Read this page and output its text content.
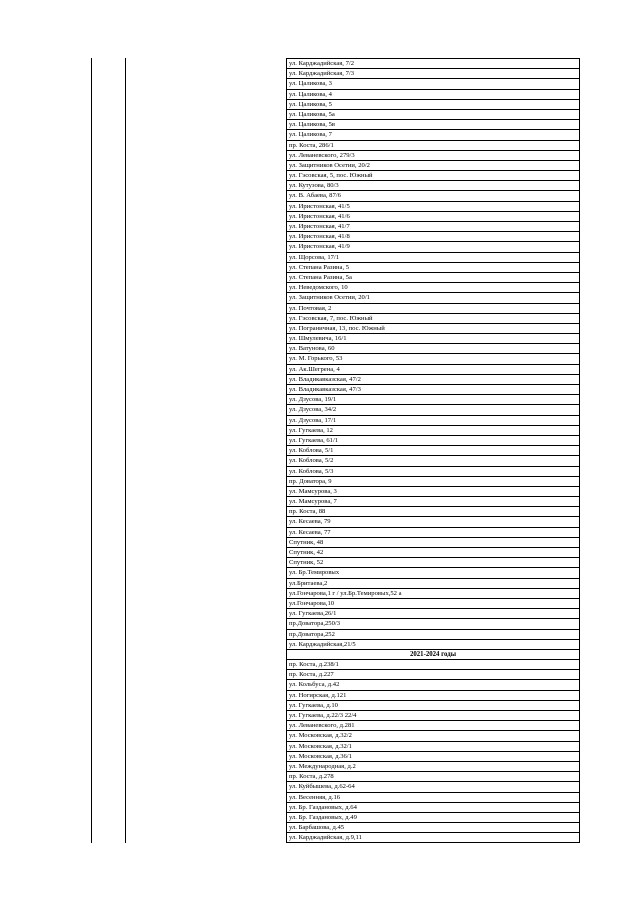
ул. Карджадийская, 7/2
ул. Карджадийская, 7/3
ул. Цаликова, 3
ул. Цаликова, 4
ул. Цаликова, 5
ул. Цаликова, 5а
ул. Цаликова, 5в
ул. Цаликова, 7
пр. Коста, 286/1
ул. Леваневского, 279/3
ул. Защитников Осетии, 20/2
ул. Гэсовская, 5, пос. Южный
ул. Кутузова, 80/3
ул. В. Абаева, 87/6
ул. Иристонская, 41/5
ул. Иристонская, 41/6
ул. Иристонская, 41/7
ул. Иристонская, 41/8
ул. Иристонская, 41/9
ул. Щорсова, 17/1
ул. Степана Разина, 5
ул. Степана Разина, 5а
ул. Неведомского, 10
ул. Защитников Осетии, 20/1
ул. Почтовая, 2
ул. Гэсовская, 7, пос. Южный
ул. Пограничная, 13, пос. Южный
ул. Шмулевича, 16/1
ул. Ватунова, 60
ул. М. Горького, 53
ул. Ак.Шегрена, 4
ул. Владикавказская, 47/2
ул. Владикавказская, 47/3
ул. Дзусова, 19/1
ул. Дзусова, 34/2
ул. Дзусова, 17/1
ул. Гугкаева, 12
ул. Гугкаева, 61/1
ул. Коблова, 5/1
ул. Коблова, 5/2
ул. Коблова, 5/3
пр. Доватора, 9
ул. Мамсурова, 3
ул. Мамсурова, 7
пр. Коста, 88
ул. Кесаева, 79
ул. Кесаева, 77
Спутник, 48
Спутник, 42
Спутник, 52
ул. Бр.Темировых
ул.Бритаева,2
ул.Гончарова,1 г / ул.Бр.Темировых,52 а
ул.Гончарова,10
ул. Гугкаева,26/1
пр.Доватора,250/3
пр.Доватора,252
ул. Карджадийская,21/5
2021-2024 годы
пр. Коста, д.238/1
пр. Коста, д.227
ул. Кольбуса, д.42
ул. Ногирская, д.121
ул. Гугкаева, д.10
ул. Гугкаева, д.22/3 22/4
ул. Леваневского, д.281
ул. Московская, д.32/2
ул. Московская, д.32/1
ул. Московская, д.36/1
ул. Международная, д.2
пр. Коста, д.278
ул. Куйбышева, д.62-64
ул. Весенняя, д.16
ул. Бр. Газдановых, д.64
ул. Бр. Газдановых, д.49
ул. Барбашова, д.45
ул. Карджадийская, д.9,11
